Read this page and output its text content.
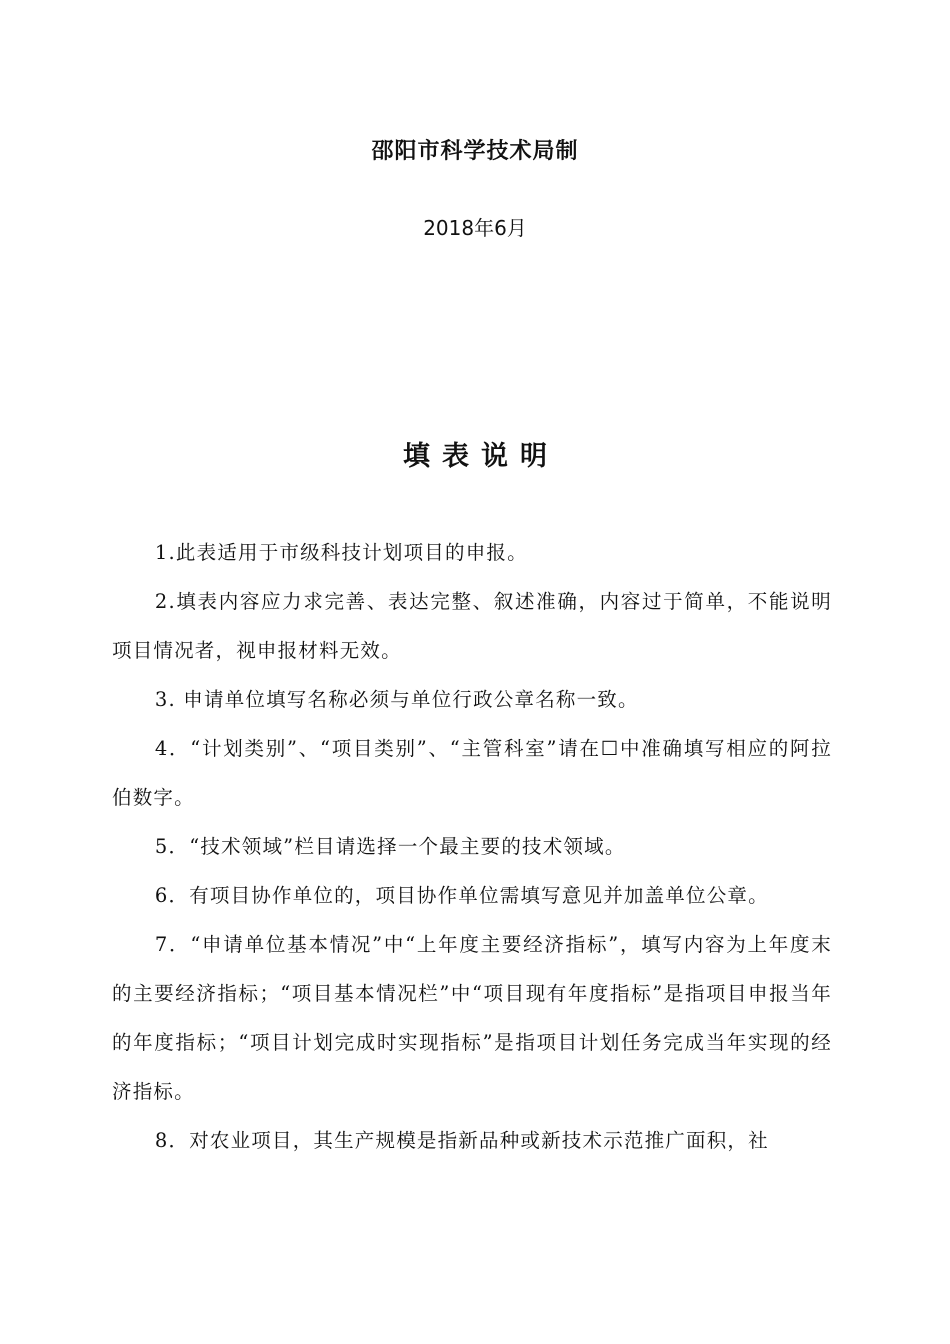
邵阳市科学技术局制
2018年6月
填表说明

1.此表适用于市级科技计划项目的申报。

2.填表内容应力求完善、表达完整、叙述准确，内容过于简单，不能说明项目情况者，视申报材料无效。

3. 申请单位填写名称必须与单位行政公章名称一致。

4．“计划类别”、“项目类别”、“主管科室”请在☐中准确填写相应的阿拉伯数字。

5．“技术领域”栏目请选择一个最主要的技术领域。

6．有项目协作单位的，项目协作单位需填写意见并加盖单位公章。

7．“申请单位基本情况”中“上年度主要经济指标”，填写内容为上年度末的主要经济指标；“项目基本情况栏”中“项目现有年度指标”是指项目申报当年的年度指标；“项目计划完成时实现指标”是指项目计划任务完成当年实现的经济指标。

8．对农业项目，其生产规模是指新品种或新技术示范推广面积，社
